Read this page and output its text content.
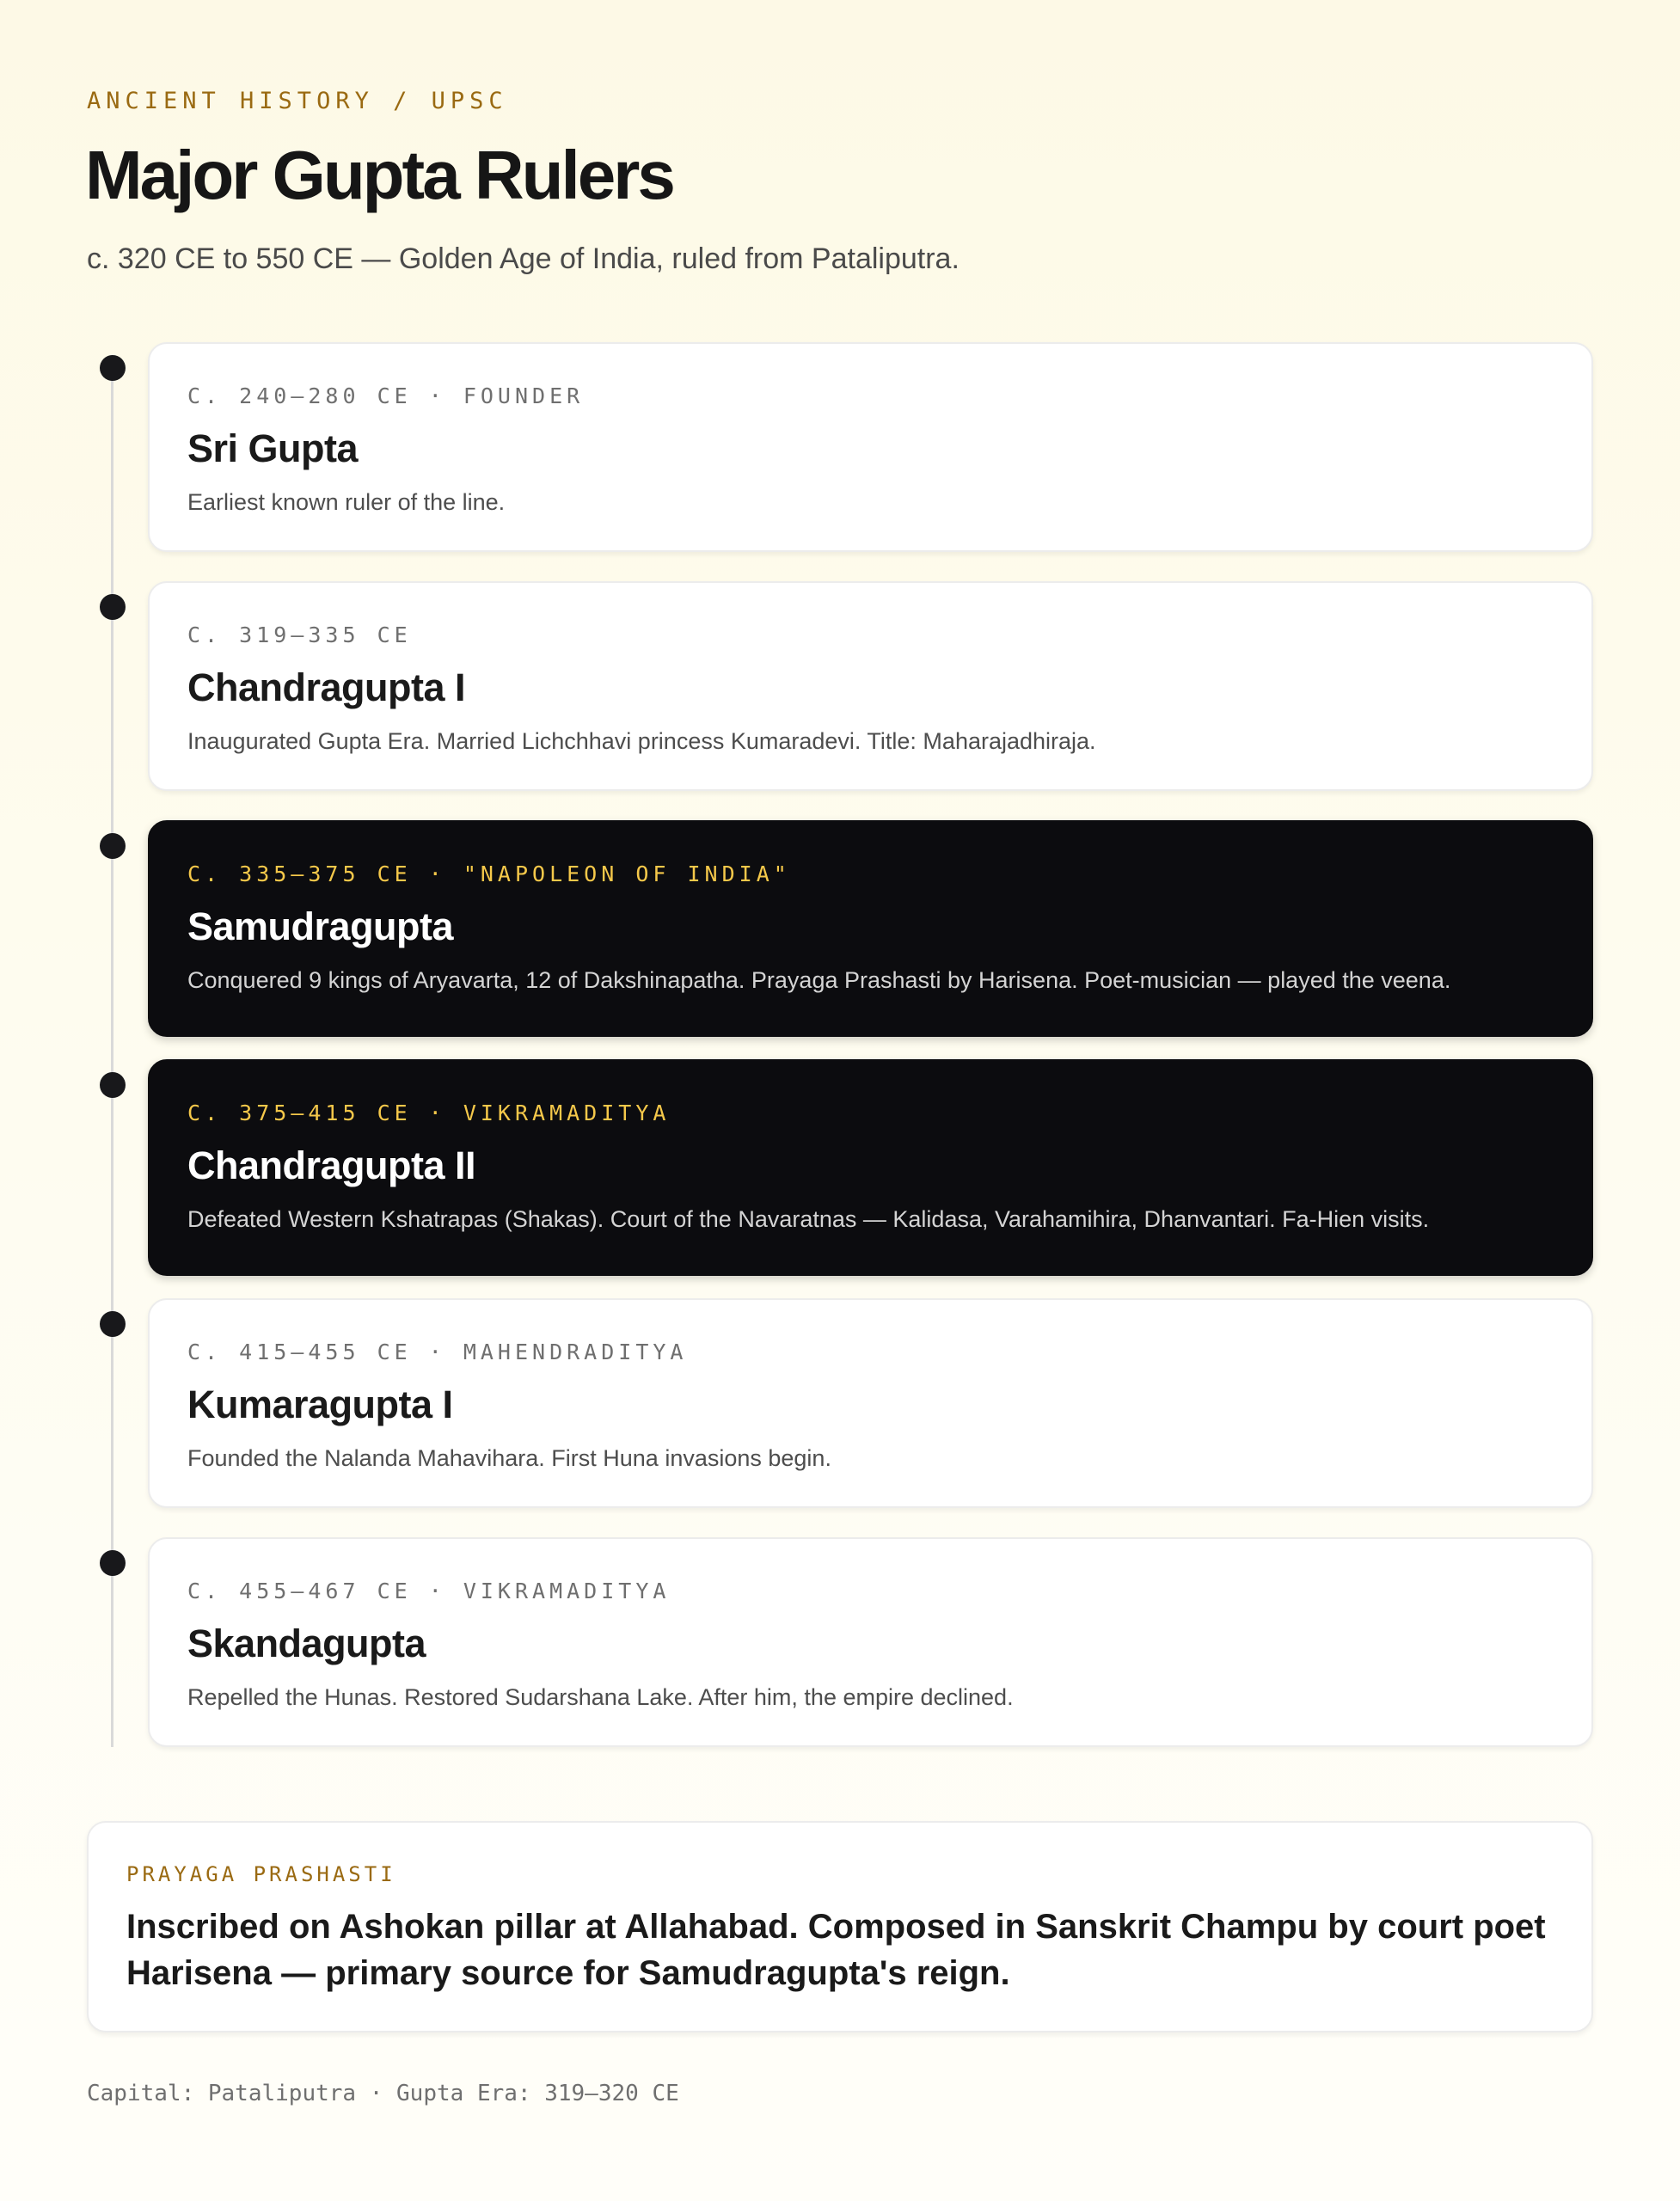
ANCIENT HISTORY / UPSC
Major Gupta Rulers

c. 320 CE to 550 CE — Golden Age of India, ruled from Pataliputra.

C. 240–280 CE · FOUNDER
Sri Gupta
Earliest known ruler of the line.
C. 319–335 CE
Chandragupta I
Inaugurated Gupta Era. Married Lichchhavi princess Kumaradevi. Title: Maharajadhiraja.
C. 335–375 CE · "NAPOLEON OF INDIA"
Samudragupta
Conquered 9 kings of Aryavarta, 12 of Dakshinapatha. Prayaga Prashasti by Harisena. Poet-musician — played the veena.
C. 375–415 CE · VIKRAMADITYA
Chandragupta II
Defeated Western Kshatrapas (Shakas). Court of the Navaratnas — Kalidasa, Varahamihira, Dhanvantari. Fa-Hien visits.
C. 415–455 CE · MAHENDRADITYA
Kumaragupta I
Founded the Nalanda Mahavihara. First Huna invasions begin.
C. 455–467 CE · VIKRAMADITYA
Skandagupta
Repelled the Hunas. Restored Sudarshana Lake. After him, the empire declined.
PRAYAGA PRASHASTI
Inscribed on Ashokan pillar at Allahabad. Composed in Sanskrit Champu by court poet Harisena — primary source for Samudragupta's reign.
Capital: Pataliputra · Gupta Era: 319–320 CE
